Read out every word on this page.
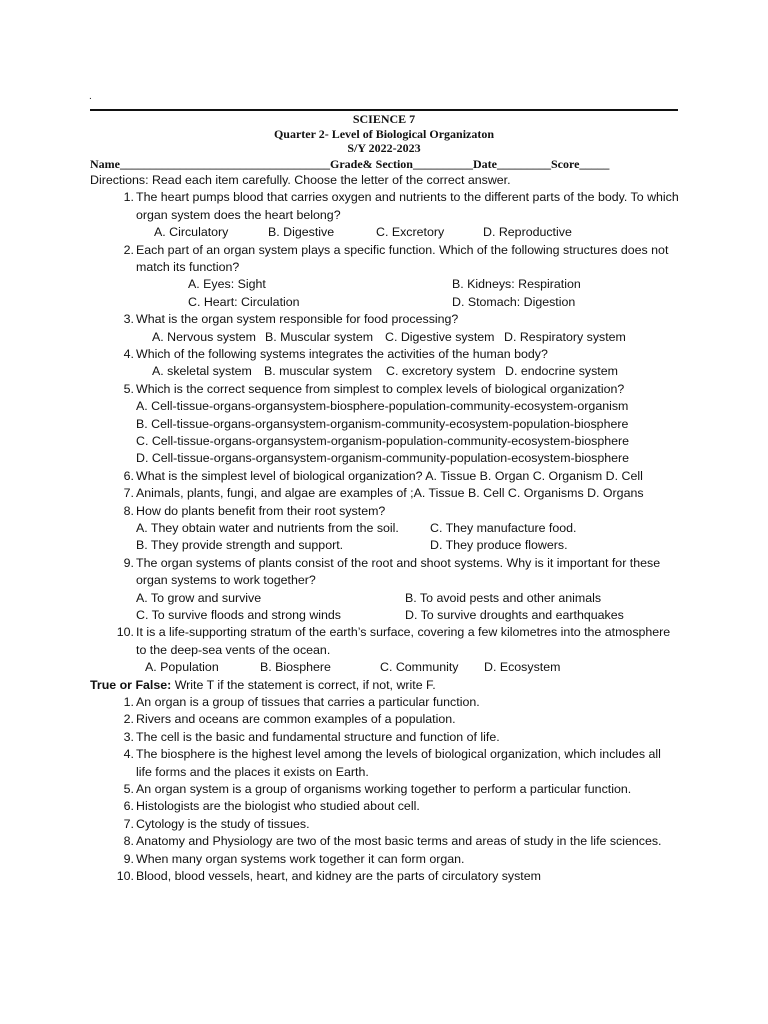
.
SCIENCE 7
Quarter 2- Level of Biological Organizaton
S/Y 2022-2023
Name___________________________________Grade& Section__________Date_________Score_____
Directions: Read each item carefully. Choose the letter of the correct answer.
1. The heart pumps blood that carries oxygen and nutrients to the different parts of the body. To which organ system does the heart belong?
A. Circulatory	B. Digestive	C. Excretory	D. Reproductive
2. Each part of an organ system plays a specific function. Which of the following structures does not match its function?
A. Eyes: Sight	B. Kidneys: Respiration
C. Heart: Circulation	D. Stomach: Digestion
3. What is the organ system responsible for food processing?
A. Nervous system B. Muscular system C. Digestive system D. Respiratory system
4. Which of the following systems integrates the activities of the human body?
A. skeletal system B. muscular system C. excretory system D. endocrine system
5. Which is the correct sequence from simplest to complex levels of biological organization?
A. Cell-tissue-organs-organsystem-biosphere-population-community-ecosystem-organism
B. Cell-tissue-organs-organsystem-organism-community-ecosystem-population-biosphere
C. Cell-tissue-organs-organsystem-organism-population-community-ecosystem-biosphere
D. Cell-tissue-organs-organsystem-organism-community-population-ecosystem-biosphere
6. What is the simplest level of biological organization? A. Tissue B. Organ C. Organism D. Cell
7. Animals, plants, fungi, and algae are examples of ;A. Tissue B. Cell C. Organisms D. Organs
8. How do plants benefit from their root system?
A. They obtain water and nutrients from the soil.	C. They manufacture food.
B. They provide strength and support.	D. They produce flowers.
9. The organ systems of plants consist of the root and shoot systems. Why is it important for these organ systems to work together?
A. To grow and survive	B. To avoid pests and other animals
C. To survive floods and strong winds	D. To survive droughts and earthquakes
10. It is a life-supporting stratum of the earth’s surface, covering a few kilometres into the atmosphere to the deep-sea vents of the ocean.
A. Population	B. Biosphere	C. Community D. Ecosystem
True or False: Write T if the statement is correct, if not, write F.
1. An organ is a group of tissues that carries a particular function.
2. Rivers and oceans are common examples of a population.
3. The cell is the basic and fundamental structure and function of life.
4. The biosphere is the highest level among the levels of biological organization, which includes all life forms and the places it exists on Earth.
5. An organ system is a group of organisms working together to perform a particular function.
6. Histologists are the biologist who studied about cell.
7. Cytology is the study of tissues.
8. Anatomy and Physiology are two of the most basic terms and areas of study in the life sciences.
9. When many organ systems work together it can form organ.
10. Blood, blood vessels, heart, and kidney are the parts of circulatory system
